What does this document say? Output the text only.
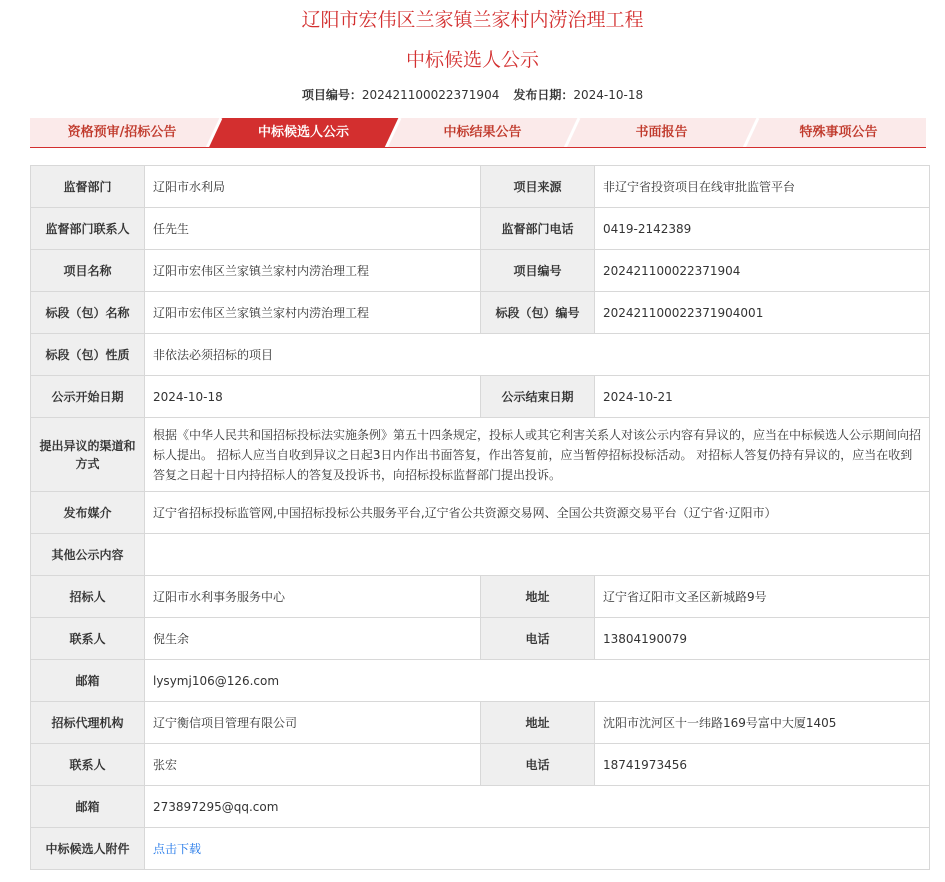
辽阳市宏伟区兰家镇兰家村内涝治理工程
中标候选人公示
项目编号：202421100022371904 发布日期：2024-10-18
资格预审/招标公告	中标候选人公示	中标结果公告	书面报告	特殊事项公告
监督部门	辽阳市水利局	项目来源	非辽宁省投资项目在线审批监管平台
监督部门联系人	任先生	监督部门电话	0419-2142389
项目名称	辽阳市宏伟区兰家镇兰家村内涝治理工程	项目编号	202421100022371904
标段（包）名称	辽阳市宏伟区兰家镇兰家村内涝治理工程	标段（包）编号	202421100022371904001
标段（包）性质	非依法必须招标的项目		
公示开始日期	2024-10-18	公示结束日期	2024-10-21
提出异议的渠道和方式	根据《中华人民共和国招标投标法实施条例》第五十四条规定，投标人或其它利害关系人对该公示内容有异议的，应当在中标候选人公示期间向招标人提出。 招标人应当自收到异议之日起3日内作出书面答复，作出答复前，应当暂停招标投标活动。 对招标人答复仍持有异议的，应当在收到答复之日起十日内持招标人的答复及投诉书，向招标投标监督部门提出投诉。		
发布媒介	辽宁省招标投标监管网,中国招标投标公共服务平台,辽宁省公共资源交易网、全国公共资源交易平台（辽宁省·辽阳市）		
其他公示内容			
招标人	辽阳市水利事务服务中心	地址	辽宁省辽阳市文圣区新城路9号
联系人	倪生余	电话	13804190079
邮箱	lysymj106@126.com		
招标代理机构	辽宁衡信项目管理有限公司	地址	沈阳市沈河区十一纬路169号富中大厦1405
联系人	张宏	电话	18741973456
邮箱	273897295@qq.com		
中标候选人附件	点击下载		
